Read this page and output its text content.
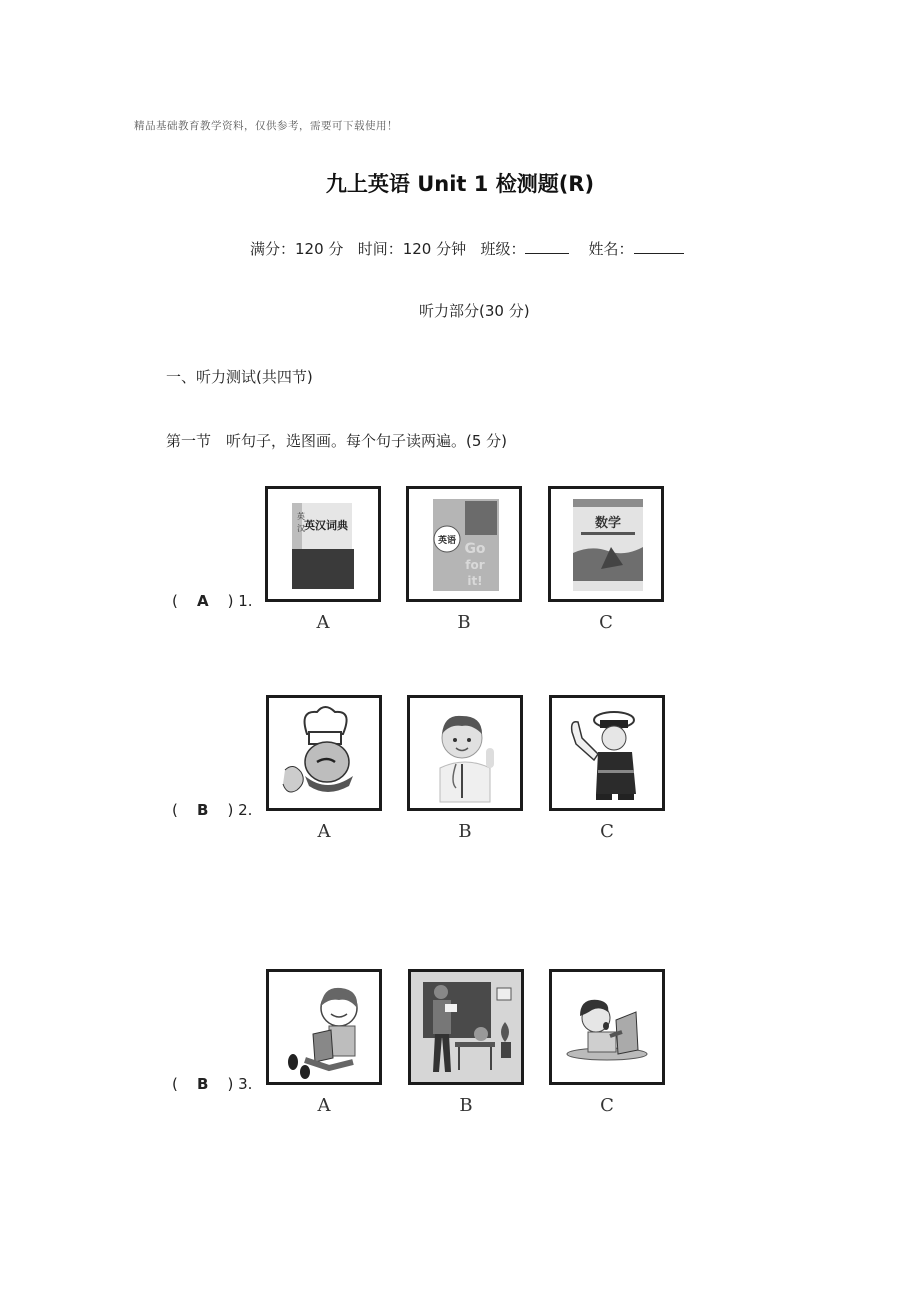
精品基础教育教学资料，仅供参考，需要可下载使用！
九上英语 Unit 1 检测题(R)
满分：120 分 时间：120 分钟 班级：	姓名：
听力部分(30 分)
一、听力测试(共四节)
第一节　听句子，选图画。每个句子读两遍。(5 分)
(    A    ) 1.
英汉词典
英
汉
英语 Go
for
it!
数学
A	B	C
(    B    ) 2.
A	B	C
(    B    ) 3.
A	B	C
